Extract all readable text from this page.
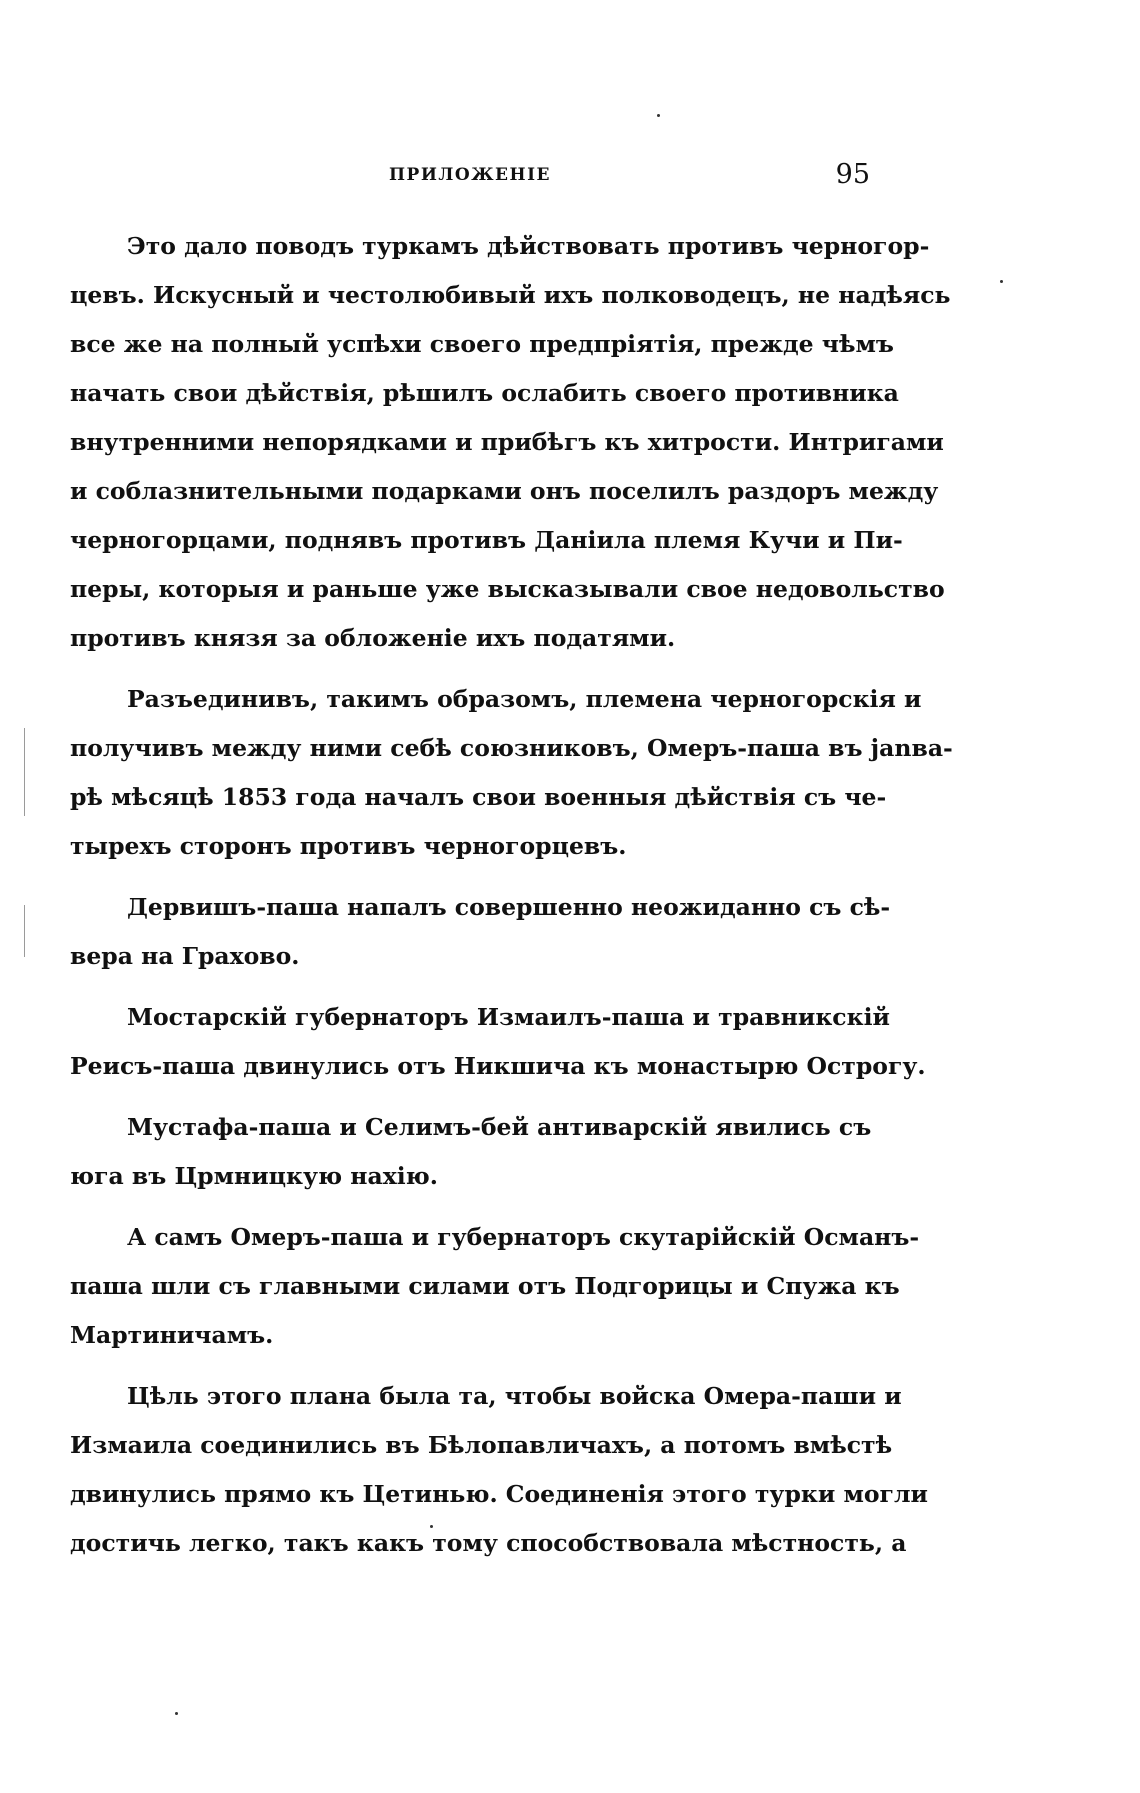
ПРИЛОЖЕНІЕ	95
Это дало поводъ туркамъ дѣйствовать противъ черногор-
цевъ. Искусный и честолюбивый ихъ полководецъ, не надѣясь
все же на полный успѣхи своего предпріятія, прежде чѣмъ
начать свои дѣйствія, рѣшилъ ослабить своего противника
внутренними непорядками и прибѣгъ къ хитрости. Интригами
и соблазнительными подарками онъ поселилъ раздоръ между
черногорцами, поднявъ противъ Даніила племя Кучи и Пи-
перы, которыя и раньше уже высказывали свое недовольство
противъ князя за обложеніе ихъ податями.
Разъединивъ, такимъ образомъ, племена черногорскія и
получивъ между ними себѣ союзниковъ, Омеръ-паша въ janва-
рѣ мѣсяцѣ 1853 года началъ свои военныя дѣйствія съ че-
тырехъ сторонъ противъ черногорцевъ.
Дервишъ-паша напалъ совершенно неожиданно съ сѣ-
вера на Грахово.
Мостарскій губернаторъ Измаилъ-паша и травникскій
Реисъ-паша двинулись отъ Никшича къ монастырю Острогу.
Мустафа-паша и Селимъ-бей антиварскій явились съ
юга въ Црмницкую нахію.
А самъ Омеръ-паша и губернаторъ скутарійскій Османъ-
паша шли съ главными силами отъ Подгорицы и Спужа къ
Мартиничамъ.
Цѣль этого плана была та, чтобы войска Омера-паши и
Измаила соединились въ Бѣлопавличахъ, а потомъ вмѣстѣ
двинулись прямо къ Цетинью. Соединенія этого турки могли
достичь легко, такъ какъ тому способствовала мѣстность, а
